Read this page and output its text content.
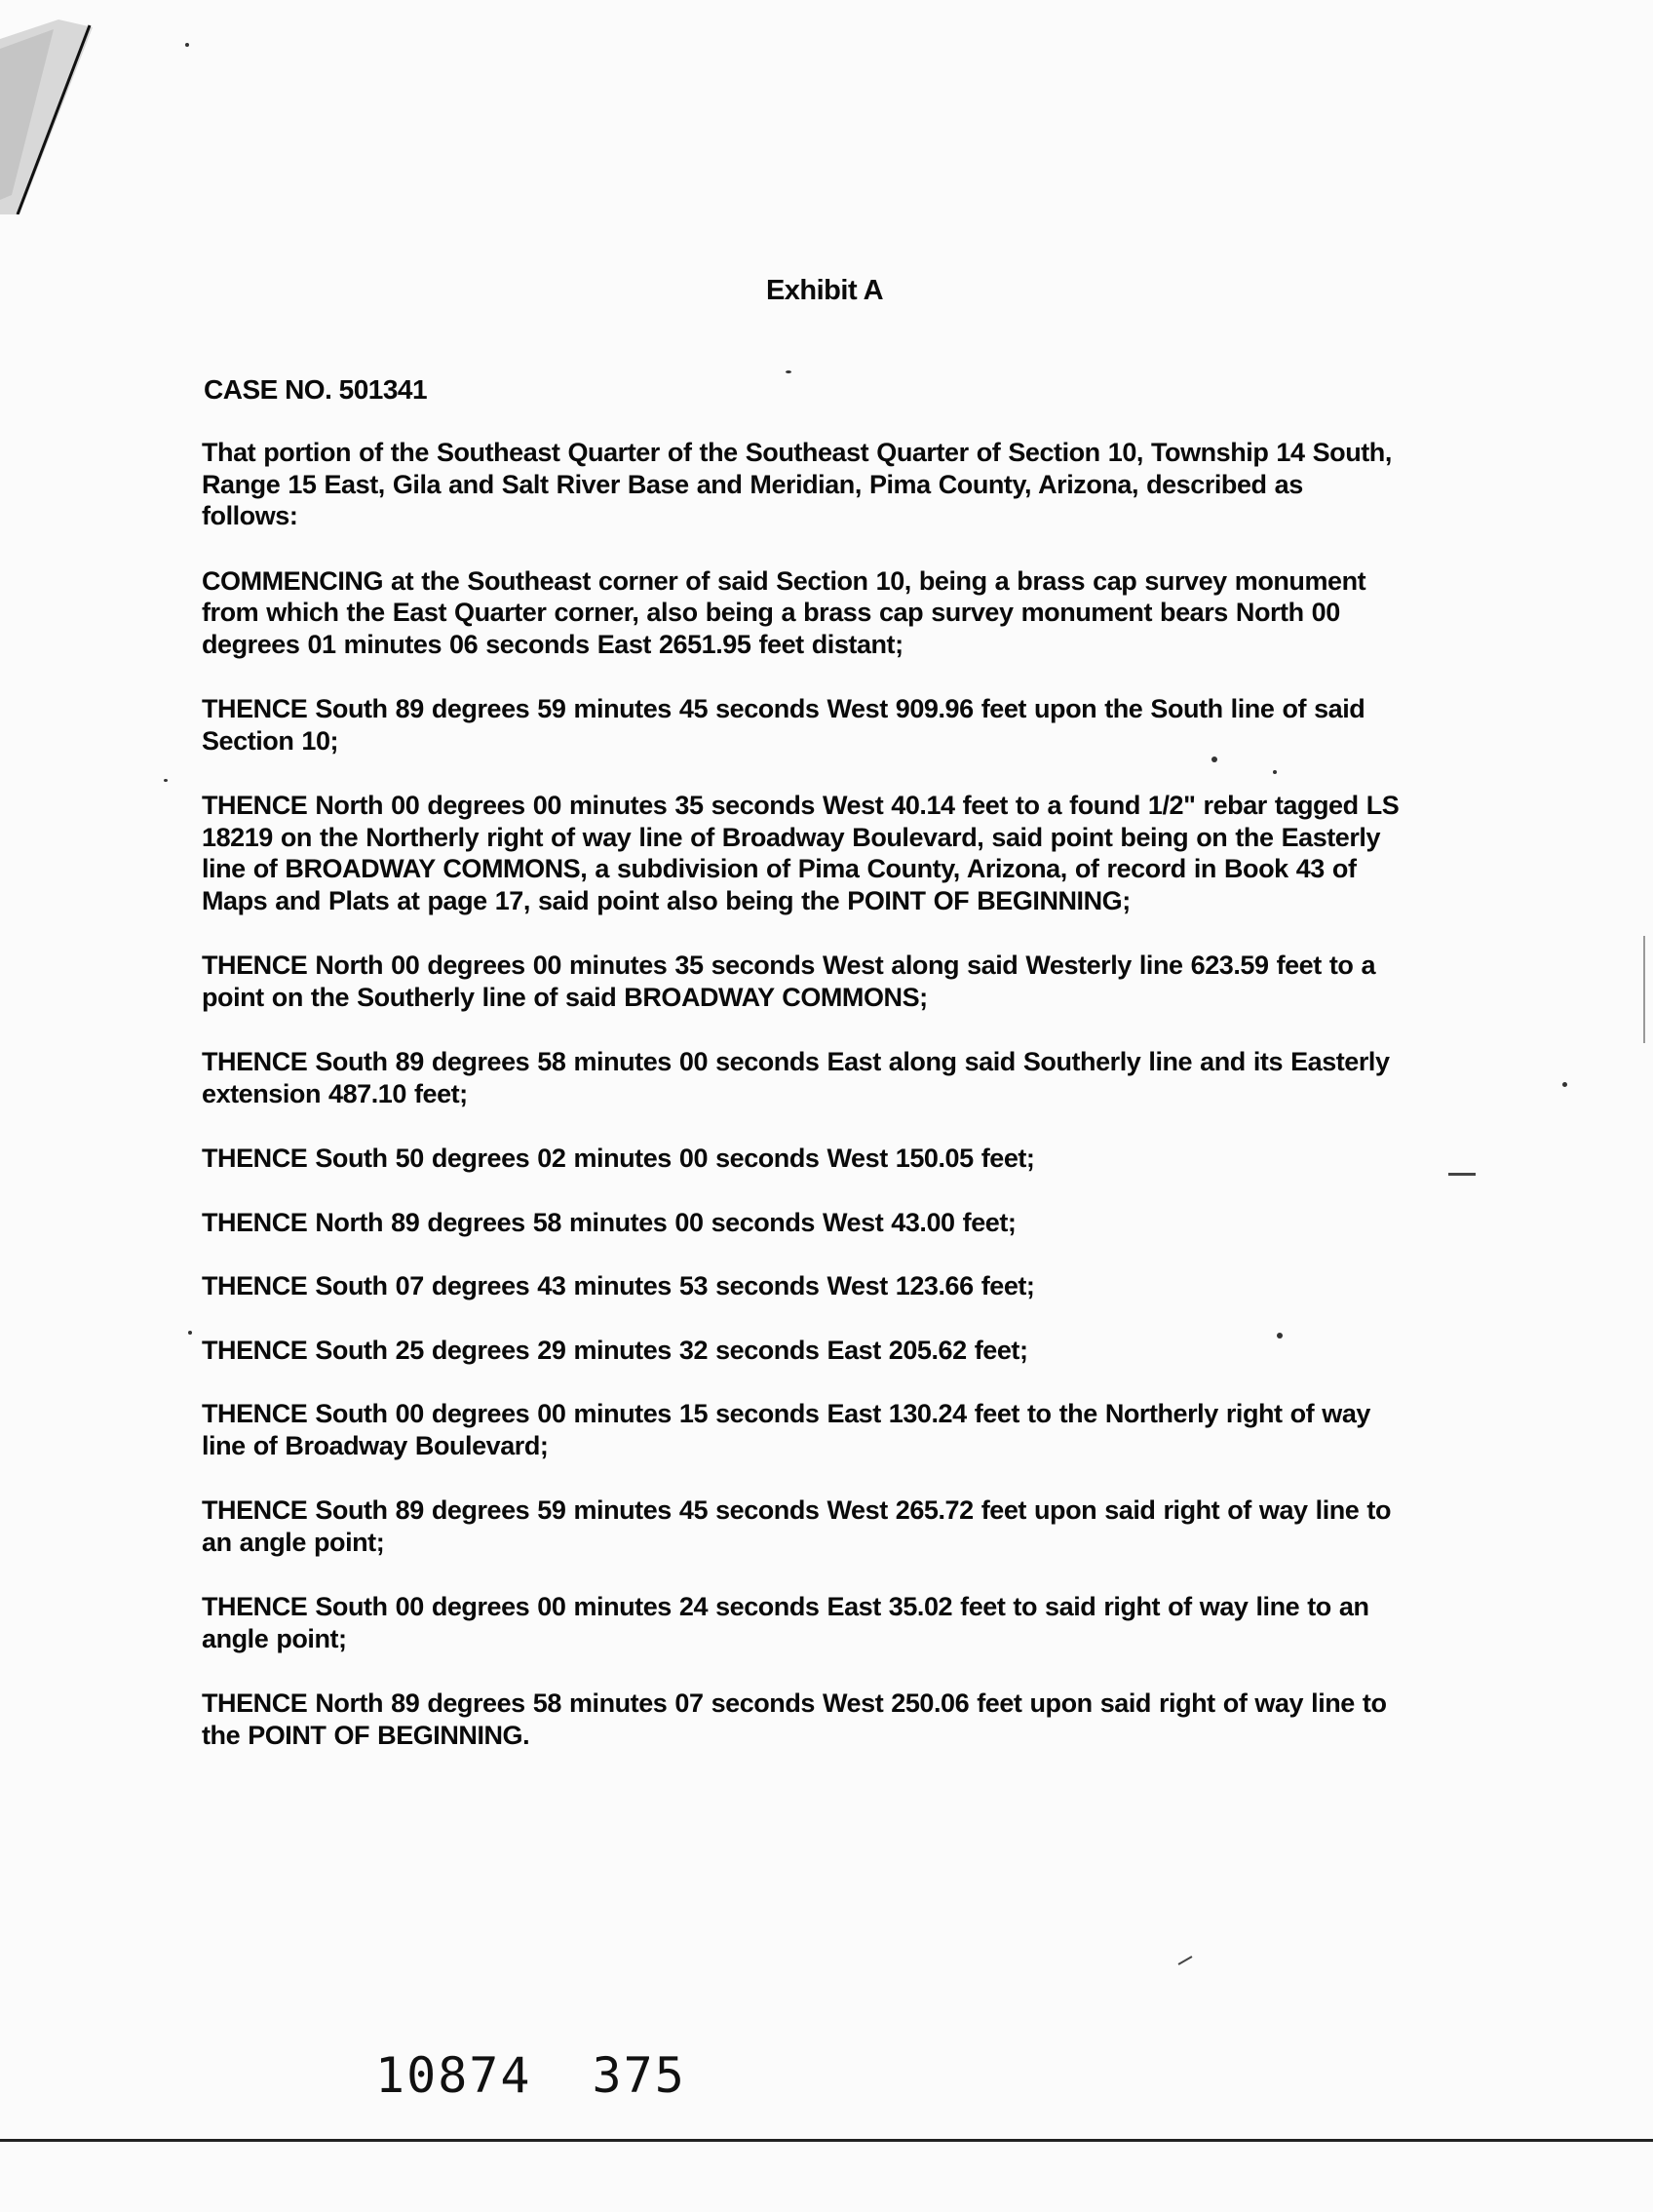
Exhibit A
CASE NO. 501341

That portion of the Southeast Quarter of the Southeast Quarter of Section 10, Township 14 South, Range 15 East, Gila and Salt River Base and Meridian, Pima County, Arizona, described as follows:

COMMENCING at the Southeast corner of said Section 10, being a brass cap survey monument from which the East Quarter corner, also being a brass cap survey monument bears North 00 degrees 01 minutes 06 seconds East 2651.95 feet distant;

THENCE South 89 degrees 59 minutes 45 seconds West 909.96 feet upon the South line of said Section 10;

THENCE North 00 degrees 00 minutes 35 seconds West 40.14 feet to a found 1/2" rebar tagged LS 18219 on the Northerly right of way line of Broadway Boulevard, said point being on the Easterly line of BROADWAY COMMONS, a subdivision of Pima County, Arizona, of record in Book 43 of Maps and Plats at page 17, said point also being the POINT OF BEGINNING;

THENCE North 00 degrees 00 minutes 35 seconds West along said Westerly line 623.59 feet to a point on the Southerly line of said BROADWAY COMMONS;

THENCE South 89 degrees 58 minutes 00 seconds East along said Southerly line and its Easterly extension 487.10 feet;

THENCE South 50 degrees 02 minutes 00 seconds West 150.05 feet;

THENCE North 89 degrees 58 minutes 00 seconds West 43.00 feet;

THENCE South 07 degrees 43 minutes 53 seconds West 123.66 feet;

THENCE South 25 degrees 29 minutes 32 seconds East 205.62 feet;

THENCE South 00 degrees 00 minutes 15 seconds East 130.24 feet to the Northerly right of way line of Broadway Boulevard;

THENCE South 89 degrees 59 minutes 45 seconds West 265.72 feet upon said right of way line to an angle point;

THENCE South 00 degrees 00 minutes 24 seconds East 35.02 feet to said right of way line to an angle point;

THENCE North 89 degrees 58 minutes 07 seconds West 250.06 feet upon said right of way line to the POINT OF BEGINNING.

10874 375
